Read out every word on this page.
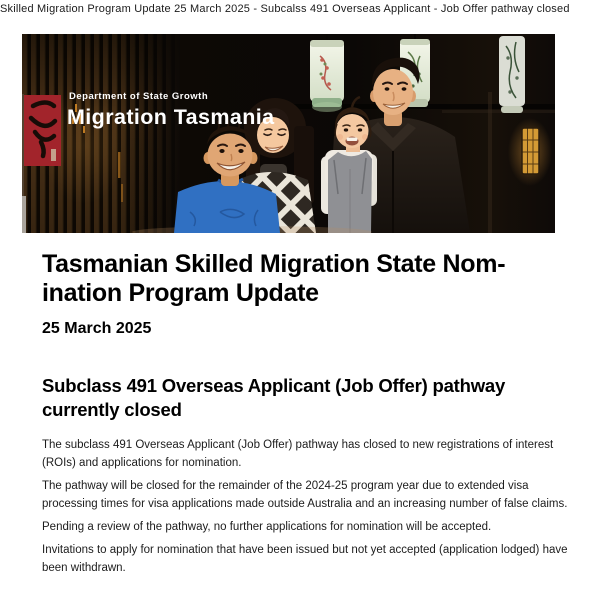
Skilled Migration Program Update 25 March 2025 - Subcalss 491 Overseas Applicant - Job Offer pathway closed
Department of State Growth
Migration Tasmania
Tasmanian Skilled Migration State Nom-
ination Program Update

25 March 2025

Subclass 491 Overseas Applicant (Job Offer) pathway
currently closed

The subclass 491 Overseas Applicant (Job Offer) pathway has closed to new registrations of interest (ROIs) and applications for nomination.

The pathway will be closed for the remainder of the 2024-25 program year due to extended visa processing times for visa applications made outside Australia and an increasing number of false claims.

Pending a review of the pathway, no further applications for nomination will be accepted.

Invitations to apply for nomination that have been issued but not yet accepted (application lodged) have been withdrawn.
